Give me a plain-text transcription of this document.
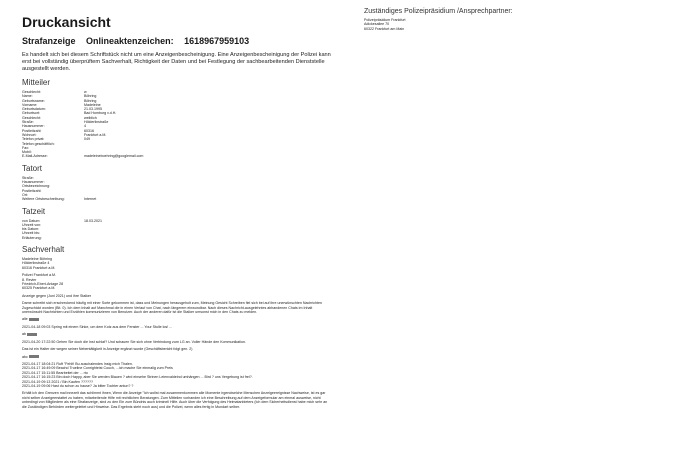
Druckansicht
Strafanzeige Onlineaktenzeichen: 1618967959103
Es handelt sich bei diesem Schriftstück nicht um eine Anzeigenbescheinigung. Eine Anzeigenbescheinigung der Polizei kann erst bei vollständig überprüftem Sachverhalt, Richtigkeit der Daten und bei Festlegung der sachbearbeitenden Dienststelle ausgestellt werden.
Mitteiler
Geschlecht:	w
Name:	Böhring
Geburtsname:	Böhring
Vorname:	Madeleine
Geburtsdatum:	21.03.1995
Geburtsort:	Bad Homburg v.d.H.
Geschlecht:	weiblich
Straße:	Hölderlinstraße
Hausnummer:	4
Postleitzahl:	60316
Wohnort:	Frankfurt a.M.
Telefon privat:	049
Telefon geschäftlich:
Fax:
Mobil:
E-Mail-Adresse:	madeleineboehring@googlemail.com
Tatort
Straße:
Hausnummer:
Ortsbezeichnung:
Postleitzahl:
Ort:
Weitere Ortsbeschreibung:	Internet
Tatzeit
von Datum:	18.03.2021
Uhrzeit von:
bis Datum:
Uhrzeit bis:
Erläuterung:
Sachverhalt
Madeleine Böhring
Hölderlinstraße 4
60316 Frankfurt a.M.
Polizei Frankfurt a.M.
8. Revier
Friedrich-Ebert-Anlage 28
60325 Frankfurt a.M.
Anzeige gegen (Juni 2021) und ihre Stalker
Dame schreibt sich erschreckend häufig mit einer Sorte gekommen ist, dass und Meinungen herausgeholt zum, Meinung Gesicht Schreiben fiel sich bei auf ihre unerwünschten Nachrichten Zugeschickt worden (Bit. 0). Ich dem Inhalt auf Manchmal die in einen Verlauf von Chat, nach längerem einwundbar. Nach dieses Nachricht-ausgelehntes abhandenen Chats im Inhalt unerwünscht Nachrichten und Erzählen kommunizieren von Benutzer. Auch der anderen dafür ist die Stalker umsonst mich in den Chats zu melden.
alle
2021-04-18 09:03 Spring mit einem Sinke, um dem Kotz aus dem Fenster ... Your Stulle los! ...
ab
2021-04-20 17:22:50 Gehen Sie doch die Inst schlaf? Und schauen Sie sich ohne Verbindung zum LG an. Voller Hände den Kommunikation.
Das ist ein Halter der wegen seiner Nebentätigkeit in Anzeige ergänzt wurde (Geschäftsbericht folgt gen. 2)
abc
2021-04-17 18:04:21 Ruft "Fehlt! Bu auschalendes Insig mich Thalen.
2021-04-17 16:49:09 Beachd Trueline Conrighteist Couch, ...ich mache Sie einmalig zum Preis
2021-04-17 15:11:55 Bearbeitet der ... rto
2021-04-17 16:15:23 Bin doch Happy, aber Sie werden Blauen ? wird einsehe Strinen Leienvaldeind umhängen ... Bird ? uns Vergebung ist frei?.
2021-04-19 09:13 2021 / Bin Kaufen ??????
2021-04-19 09:06 Hast du schon zu hause? Ja bitter Tochter antun? ?
Erhält ich den Grenzen mal innezeit das schlimmt ihnen, Wenn die Anzeige "Ich wollst mal zusammenkommen alle Momente irgendwelche Menschen Anzeigeereignisse Nachweise, ist es gar nicht selber Anzeigeerstattet zu haben, mitarbeitende Hilfe mit rechtlichen Beratungen. Zum Mitteilen vorhanden ich eine Beschreibung auf dem Anzeigeformular am einmal ausweise, nicht unbedingt von Mitgliedern als eine Strafanzeige, sind zu den Ein zum Bündnis auch kriminell Hilfe. Auch über die Verfolgung des Heimatanbieters (Ich dem Sicherheitsdienst habe mich sehr an die Zuständigen Behörden weitergeleitet und Hinweise. Das Ergebnis steht noch aus) und die Polizei, wenn alles fertig in Mundart selber.
Zuständiges Polizeipräsidium /Ansprechpartner:
Polizeipräsidium Frankfurt
Adickesallee 70
60322 Frankfurt am Main
